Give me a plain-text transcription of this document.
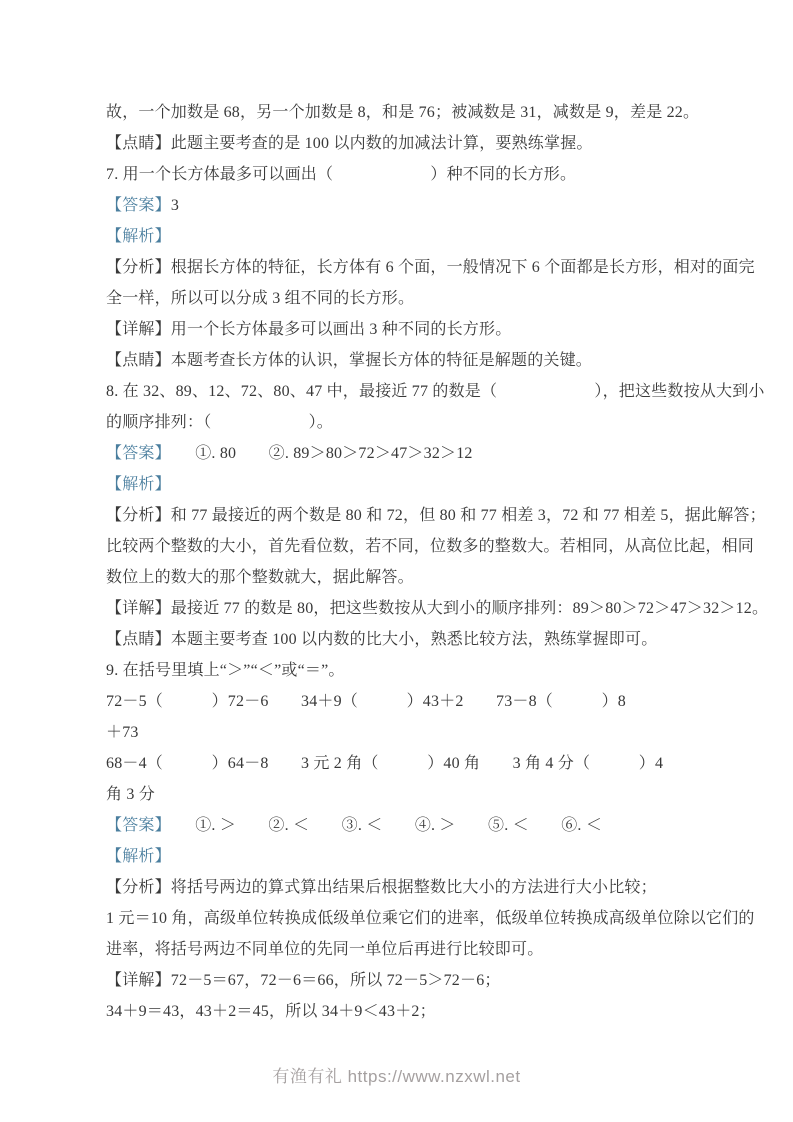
故，一个加数是 68，另一个加数是 8，和是 76；被减数是 31，减数是 9，差是 22。
【点睛】此题主要考查的是 100 以内数的加减法计算，要熟练掌握。
7. 用一个长方体最多可以画出（　　　　　　）种不同的长方形。
【答案】3
【解析】
【分析】根据长方体的特征，长方体有 6 个面，一般情况下 6 个面都是长方形，相对的面完
全一样，所以可以分成 3 组不同的长方形。
【详解】用一个长方体最多可以画出 3 种不同的长方形。
【点睛】本题考查长方体的认识，掌握长方体的特征是解题的关键。
8. 在 32、89、12、72、80、47 中，最接近 77 的数是（　　　　　　），把这些数按从大到小
的顺序排列：（　　　　　　）。
【答案】　　①. 80　　②. 89＞80＞72＞47＞32＞12
【解析】
【分析】和 77 最接近的两个数是 80 和 72，但 80 和 77 相差 3，72 和 77 相差 5，据此解答；
比较两个整数的大小，首先看位数，若不同，位数多的整数大。若相同，从高位比起，相同
数位上的数大的那个整数就大，据此解答。
【详解】最接近 77 的数是 80，把这些数按从大到小的顺序排列：89＞80＞72＞47＞32＞12。
【点睛】本题主要考查 100 以内数的比大小，熟悉比较方法，熟练掌握即可。
9. 在括号里填上“＞”“＜”或“＝”。
72－5（　　　）72－6　　34＋9（　　　）43＋2　　73－8（　　　）8
＋73
68－4（　　　）64－8　　3 元 2 角（　　　）40 角　　3 角 4 分（　　　）4
角 3 分
【答案】　　①. ＞　　②. ＜　　③. ＜　　④. ＞　　⑤. ＜　　⑥. ＜
【解析】
【分析】将括号两边的算式算出结果后根据整数比大小的方法进行大小比较；
1 元＝10 角，高级单位转换成低级单位乘它们的进率，低级单位转换成高级单位除以它们的
进率，将括号两边不同单位的先同一单位后再进行比较即可。
【详解】72－5＝67，72－6＝66，所以 72－5＞72－6；
34＋9＝43，43＋2＝45，所以 34＋9＜43＋2；
有渔有礼 https://www.nzxwl.net
